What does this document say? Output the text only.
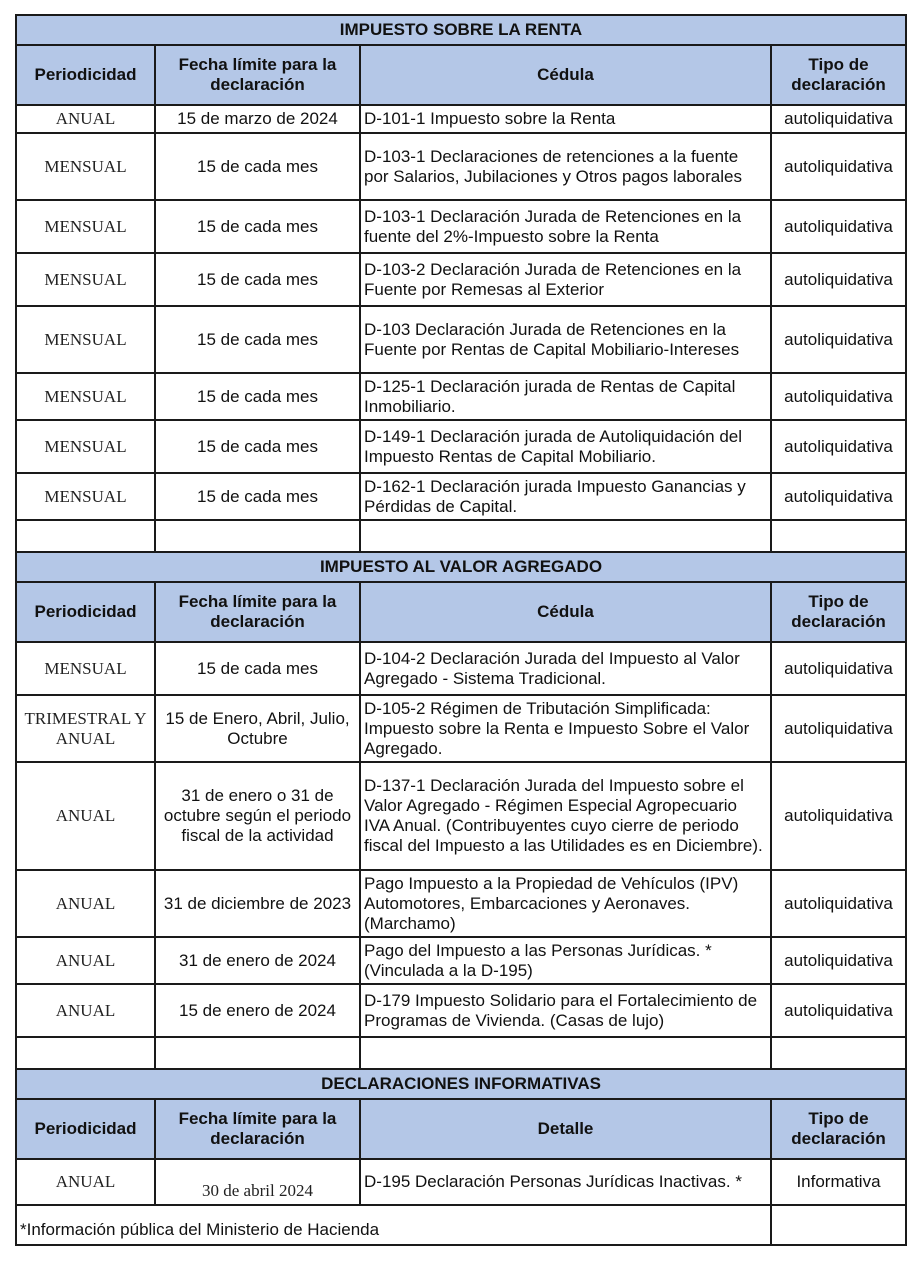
IMPUESTO SOBRE LA RENTA			
Periodicidad	Fecha límite para la declaración	Cédula	Tipo de declaración
ANUAL	15 de marzo de 2024	D-101-1 Impuesto sobre la Renta	autoliquidativa
MENSUAL	15 de cada mes	D-103-1 Declaraciones de retenciones a la fuente por Salarios, Jubilaciones y Otros pagos laborales	autoliquidativa
MENSUAL	15 de cada mes	D-103-1 Declaración Jurada de Retenciones en la fuente del 2%-Impuesto sobre la Renta	autoliquidativa
MENSUAL	15 de cada mes	D-103-2 Declaración Jurada de Retenciones en la Fuente por Remesas al Exterior	autoliquidativa
MENSUAL	15 de cada mes	D-103 Declaración Jurada de Retenciones en la Fuente por Rentas de Capital Mobiliario-Intereses	autoliquidativa
MENSUAL	15 de cada mes	D-125-1 Declaración jurada de Rentas de Capital Inmobiliario.	autoliquidativa
MENSUAL	15 de cada mes	D-149-1 Declaración jurada de Autoliquidación del Impuesto Rentas de Capital Mobiliario.	autoliquidativa
MENSUAL	15 de cada mes	D-162-1 Declaración jurada Impuesto Ganancias y Pérdidas de Capital.	autoliquidativa

IMPUESTO AL VALOR AGREGADO			
Periodicidad	Fecha límite para la declaración	Cédula	Tipo de declaración
MENSUAL	15 de cada mes	D-104-2 Declaración Jurada del Impuesto al Valor Agregado - Sistema Tradicional.	autoliquidativa
TRIMESTRAL Y ANUAL	15 de Enero, Abril, Julio, Octubre	D-105-2 Régimen de Tributación Simplificada: Impuesto sobre la Renta e Impuesto Sobre el Valor Agregado.	autoliquidativa
ANUAL	31 de enero o 31 de octubre según el periodo fiscal de la actividad	D-137-1 Declaración Jurada del Impuesto sobre el Valor Agregado - Régimen Especial Agropecuario IVA Anual. (Contribuyentes cuyo cierre de periodo fiscal del Impuesto a las Utilidades es en Diciembre).	autoliquidativa
ANUAL	31 de diciembre de 2023	Pago Impuesto a la Propiedad de Vehículos (IPV) Automotores, Embarcaciones y Aeronaves. (Marchamo)	autoliquidativa
ANUAL	31 de enero de 2024	Pago del Impuesto a las Personas Jurídicas. * (Vinculada a la D-195)	autoliquidativa
ANUAL	15 de enero de 2024	D-179 Impuesto Solidario para el Fortalecimiento de Programas de Vivienda. (Casas de lujo)	autoliquidativa

DECLARACIONES INFORMATIVAS			
Periodicidad	Fecha límite para la declaración	Detalle	Tipo de declaración
ANUAL	30 de abril 2024	D-195 Declaración Personas Jurídicas Inactivas. *	Informativa
*Información pública del Ministerio de Hacienda			
